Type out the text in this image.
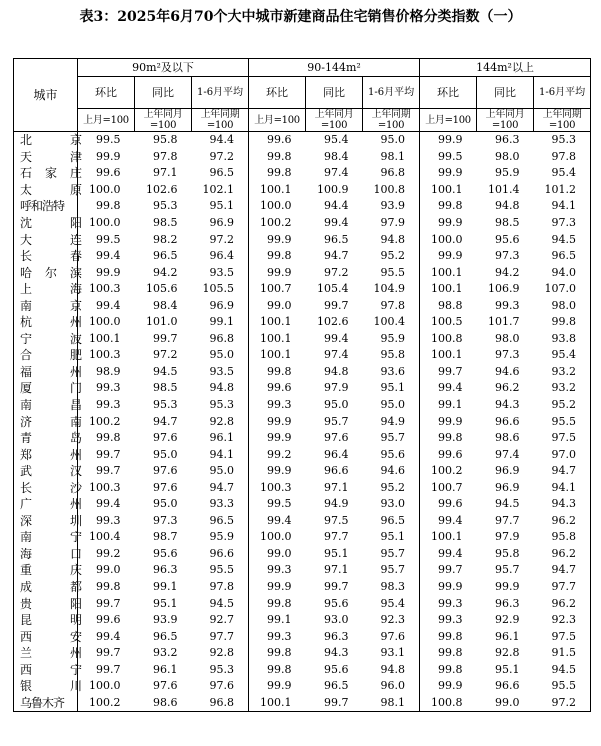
表3：2025年6月70个大中城市新建商品住宅销售价格分类指数（一）
城市	90m²及以下			90-144m²			144m²以上		
	环比	同比	1-6月平均	环比	同比	1-6月平均	环比	同比	1-6月平均
	上月=100	上年同月=100	上年同期=100	上月=100	上年同月=100	上年同期=100	上月=100	上年同月=100	上年同期=100
北京	99.5	95.8	94.4	99.6	95.4	95.0	99.9	96.3	95.3
天津	99.9	97.8	97.2	99.8	98.4	98.1	99.5	98.0	97.8
石家庄	99.6	97.1	96.5	99.8	97.4	96.8	99.9	95.9	95.4
太原	100.0	102.6	102.1	100.1	100.9	100.8	100.1	101.4	101.2
呼和浩特	99.8	95.3	95.1	100.0	94.4	93.9	99.8	94.8	94.1
沈阳	100.0	98.5	96.9	100.2	99.4	97.9	99.9	98.5	97.3
大连	99.5	98.2	97.2	99.9	96.5	94.8	100.0	95.6	94.5
长春	99.4	96.5	96.4	99.8	94.7	95.2	99.9	97.3	96.5
哈尔滨	99.9	94.2	93.5	99.9	97.2	95.5	100.1	94.2	94.0
上海	100.3	105.6	105.5	100.7	105.4	104.9	100.1	106.9	107.0
南京	99.4	98.4	96.9	99.0	99.7	97.8	98.8	99.3	98.0
杭州	100.0	101.0	99.1	100.1	102.6	100.4	100.5	101.7	99.8
宁波	100.1	99.7	96.8	100.1	99.4	95.9	100.8	98.0	93.8
合肥	100.3	97.2	95.0	100.1	97.4	95.8	100.1	97.3	95.4
福州	98.9	94.5	93.5	99.8	94.8	93.6	99.7	94.6	93.2
厦门	99.3	98.5	94.8	99.6	97.9	95.1	99.4	96.2	93.2
南昌	99.3	95.3	95.3	99.3	95.0	95.0	99.1	94.3	95.2
济南	100.2	94.7	92.8	99.9	95.7	94.9	99.9	96.6	95.5
青岛	99.8	97.6	96.1	99.9	97.6	95.7	99.8	98.6	97.5
郑州	99.7	95.0	94.1	99.2	96.4	95.6	99.6	97.4	97.0
武汉	99.7	97.6	95.0	99.9	96.6	94.6	100.2	96.9	94.7
长沙	100.3	97.6	94.7	100.3	97.1	95.2	100.7	96.9	94.1
广州	99.4	95.0	93.3	99.5	94.9	93.0	99.6	94.5	94.3
深圳	99.3	97.3	96.5	99.4	97.5	96.5	99.4	97.7	96.2
南宁	100.4	98.7	95.9	100.0	97.7	95.1	100.1	97.9	95.8
海口	99.2	95.6	96.6	99.0	95.1	95.7	99.4	95.8	96.2
重庆	99.0	96.3	95.5	99.3	97.1	95.7	99.7	95.7	94.7
成都	99.8	99.1	97.8	99.9	99.7	98.3	99.9	99.9	97.7
贵阳	99.7	95.1	94.5	99.8	95.6	95.4	99.3	96.3	96.2
昆明	99.6	93.9	92.7	99.1	93.0	92.3	99.3	92.9	92.3
西安	99.4	96.5	97.7	99.3	96.3	97.6	99.8	96.1	97.5
兰州	99.7	93.2	92.8	99.8	94.3	93.1	99.8	92.8	91.5
西宁	99.7	96.1	95.3	99.8	95.6	94.8	99.8	95.1	94.5
银川	100.0	97.6	97.6	99.9	96.5	96.0	99.9	96.6	95.5
乌鲁木齐	100.2	98.6	96.8	100.1	99.7	98.1	100.8	99.0	97.2
